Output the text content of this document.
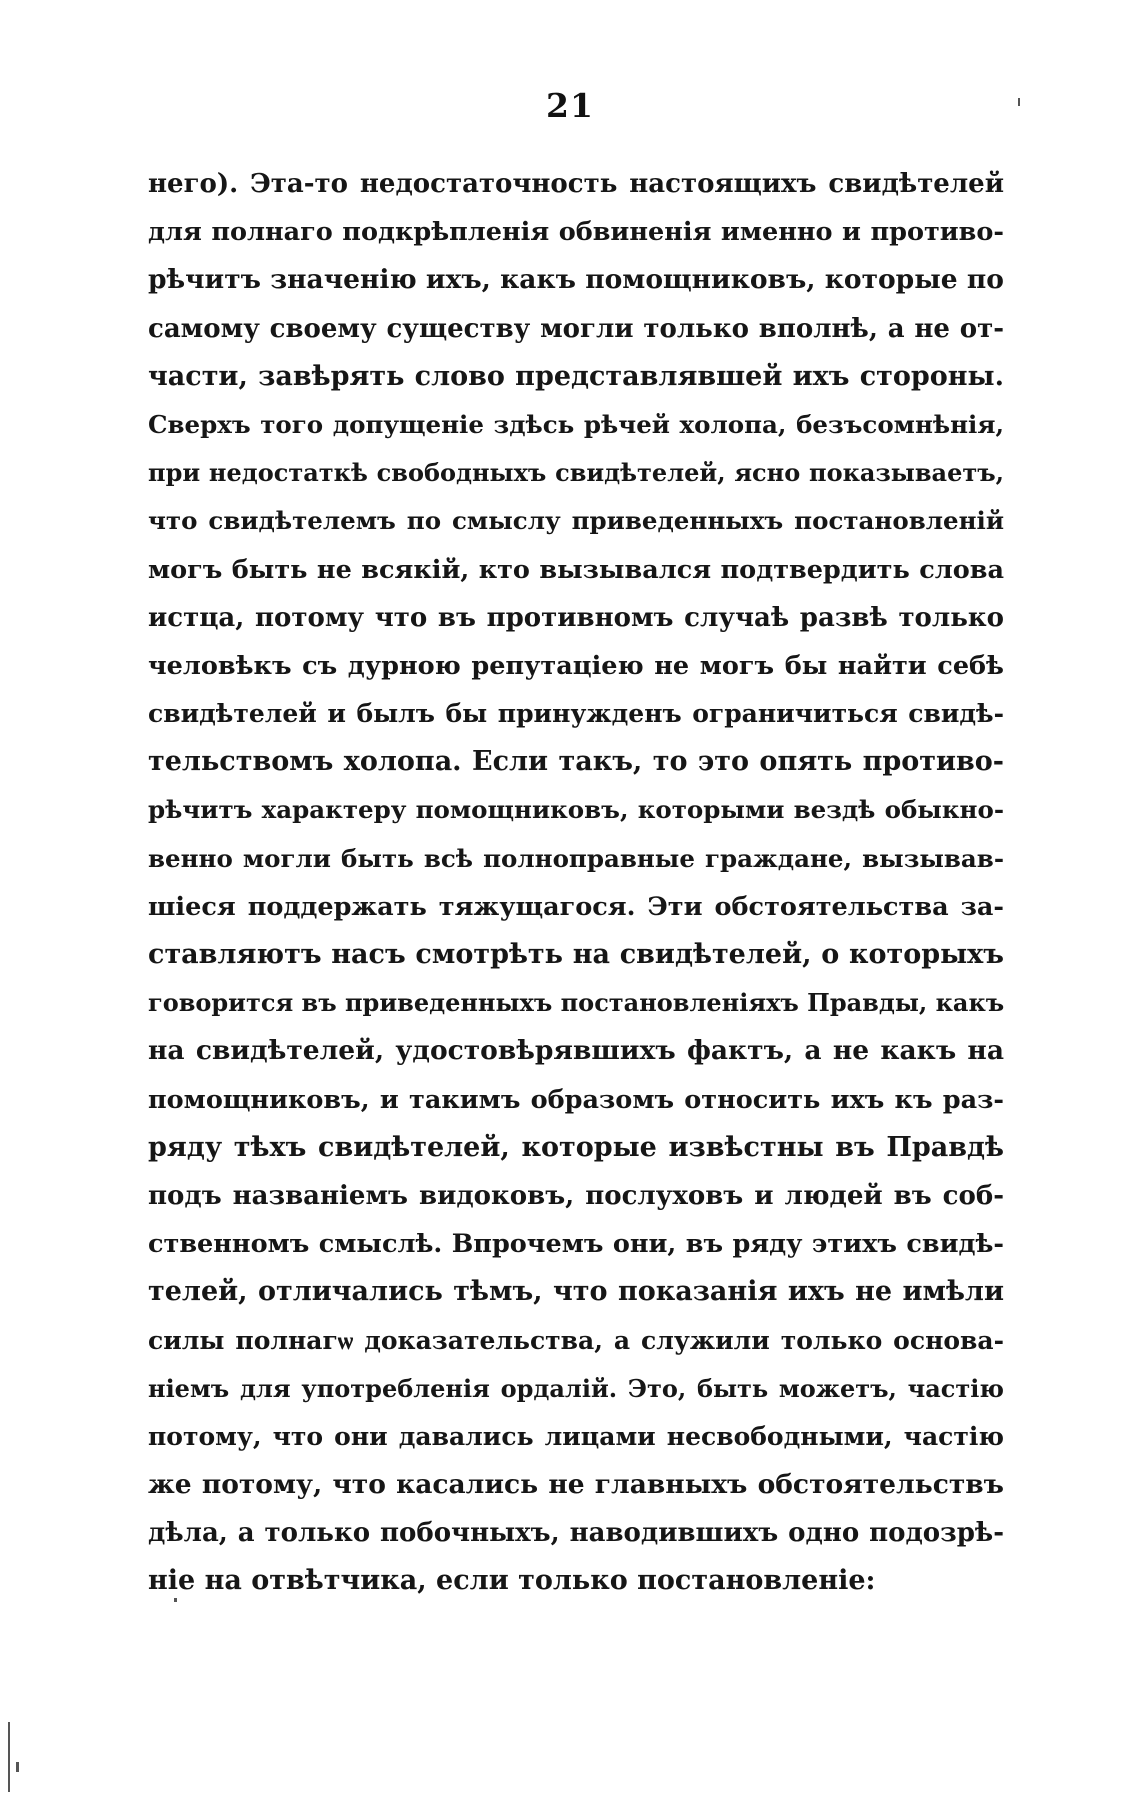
21
него). Эта-то недостаточность настоящихъ свидѣтелей
для полнаго подкрѣпленія обвиненія именно и противо-
рѣчитъ значенію ихъ, какъ помощниковъ, которые по
самому своему существу могли только вполнѣ, а не от-
части, завѣрять слово представлявшей ихъ стороны.
Сверхъ того допущеніе здѣсь рѣчей холопа, безъсомнѣнія,
при недостаткѣ свободныхъ свидѣтелей, ясно показываетъ,
что свидѣтелемъ по смыслу приведенныхъ постановленій
могъ быть не всякій, кто вызывался подтвердить слова
истца, потому что въ противномъ случаѣ развѣ только
человѣкъ съ дурною репутаціею не могъ бы найти себѣ
свидѣтелей и былъ бы принужденъ ограничиться свидѣ-
тельствомъ холопа. Если такъ, то это опять противо-
рѣчитъ характеру помощниковъ, которыми вездѣ обыкно-
венно могли быть всѣ полноправные граждане, вызывав-
шіеся поддержать тяжущагося. Эти обстоятельства за-
ставляютъ насъ смотрѣть на свидѣтелей, о которыхъ
говорится въ приведенныхъ постановленіяхъ Правды, какъ
на свидѣтелей, удостовѣрявшихъ фактъ, а не какъ на
помощниковъ, и такимъ образомъ относить ихъ къ раз-
ряду тѣхъ свидѣтелей, которые извѣстны въ Правдѣ
подъ названіемъ видоковъ, послуховъ и людей въ соб-
ственномъ смыслѣ. Впрочемъ они, въ ряду этихъ свидѣ-
телей, отличались тѣмъ, что показанія ихъ не имѣли
силы полнагѡ доказательства, а служили только основа-
ніемъ для употребленія ордалій. Это, быть можетъ, частію
потому, что они давались лицами несвободными, частію
же потому, что касались не главныхъ обстоятельствъ
дѣла, а только побочныхъ, наводившихъ одно подозрѣ-
ніе на отвѣтчика, если только постановленіе:
